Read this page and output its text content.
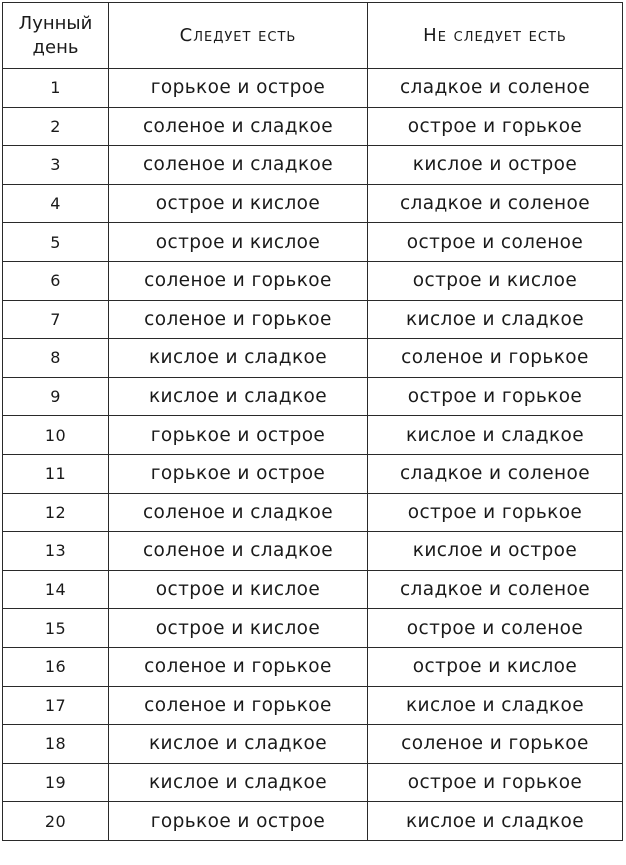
Лунный
день	Следует есть	Не следует есть
1	горькое и острое	сладкое и соленое
2	соленое и сладкое	острое и горькое
3	соленое и сладкое	кислое и острое
4	острое и кислое	сладкое и соленое
5	острое и кислое	острое и соленое
6	соленое и горькое	острое и кислое
7	соленое и горькое	кислое и сладкое
8	кислое и сладкое	соленое и горькое
9	кислое и сладкое	острое и горькое
10	горькое и острое	кислое и сладкое
11	горькое и острое	сладкое и соленое
12	соленое и сладкое	острое и горькое
13	соленое и сладкое	кислое и острое
14	острое и кислое	сладкое и соленое
15	острое и кислое	острое и соленое
16	соленое и горькое	острое и кислое
17	соленое и горькое	кислое и сладкое
18	кислое и сладкое	соленое и горькое
19	кислое и сладкое	острое и горькое
20	горькое и острое	кислое и сладкое
